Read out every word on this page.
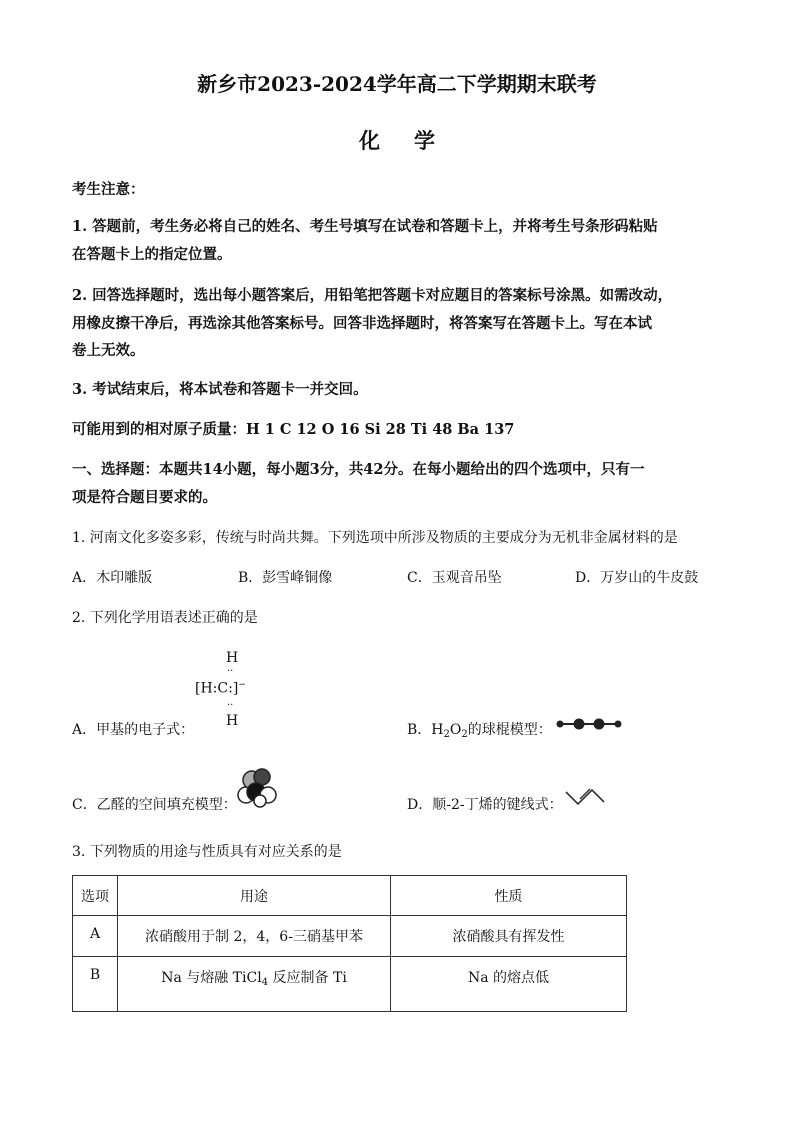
新乡市2023-2024学年高二下学期期末联考
化学
考生注意：
1. 答题前，考生务必将自己的姓名、考生号填写在试卷和答题卡上，并将考生号条形码粘贴
在答题卡上的指定位置。
2. 回答选择题时，选出每小题答案后，用铅笔把答题卡对应题目的答案标号涂黑。如需改动，
用橡皮擦干净后，再选涂其他答案标号。回答非选择题时，将答案写在答题卡上。写在本试
卷上无效。
3. 考试结束后，将本试卷和答题卡一并交回。
可能用到的相对原子质量：H 1 C 12 O 16 Si 28 Ti 48 Ba 137
一、选择题：本题共14小题，每小题3分，共42分。在每小题给出的四个选项中，只有一
项是符合题目要求的。
1. 河南文化多姿多彩，传统与时尚共舞。下列选项中所涉及物质的主要成分为无机非金属材料的是
A．木印雕版	B．彭雪峰铜像	C．玉观音吊坠	D．万岁山的牛皮鼓
2. 下列化学用语表述正确的是
H
··
[H:C:]−
··
H
A．甲基的电子式：	B．$H_2O_2$的球棍模型：
C．乙醛的空间填充模型：	D．顺-2-丁烯的键线式：
3. 下列物质的用途与性质具有对应关系的是
选项	用途	性质
A	浓硝酸用于制 2，4，6-三硝基甲苯	浓硝酸具有挥发性
B	Na 与熔融 TiCl$_4$ 反应制备 Ti	Na 的熔点低
